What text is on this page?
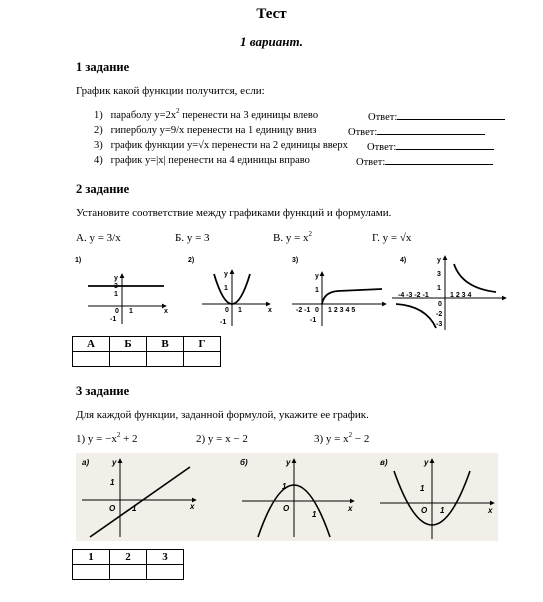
Тест
1 вариант.
1 задание
График какой функции получится, если:
1) параболу $y=2x^2$ перенести на 3 единицы влево	Ответ:
2) гиперболу y=9/x перенести на 1 единицу вниз	Ответ:
3) график функции y=√x перенести на 2 единицы вверх Ответ:
4) график y=|x| перенести на 4 единицы вправо	Ответ:
2 задание
Установите соответствие между графиками функций и формулами.
А. y = 3/x	Б. y = 3	В. $y = x^2$	Г. y = √x
1)
y
3
1
0 1	x
-1
2)
y
1
0 1	x
-1
3)
y
1
0 1 2 3 4 5
-2 -1
-1
4)	y
3
1
0
-4 -3 -2 -1	1 2 3 4
-2
-3
А	Б	В	Г

3 задание
Для каждой функции, заданной формулой, укажите ее график.
1) $y = -x^2 + 2$	2) y = x − 2	3) $y = x^2 - 2$
а)	y
1
O 1	x
б)	y
1
O
1
x
в)	y
1
O 1	x
1	2	3
